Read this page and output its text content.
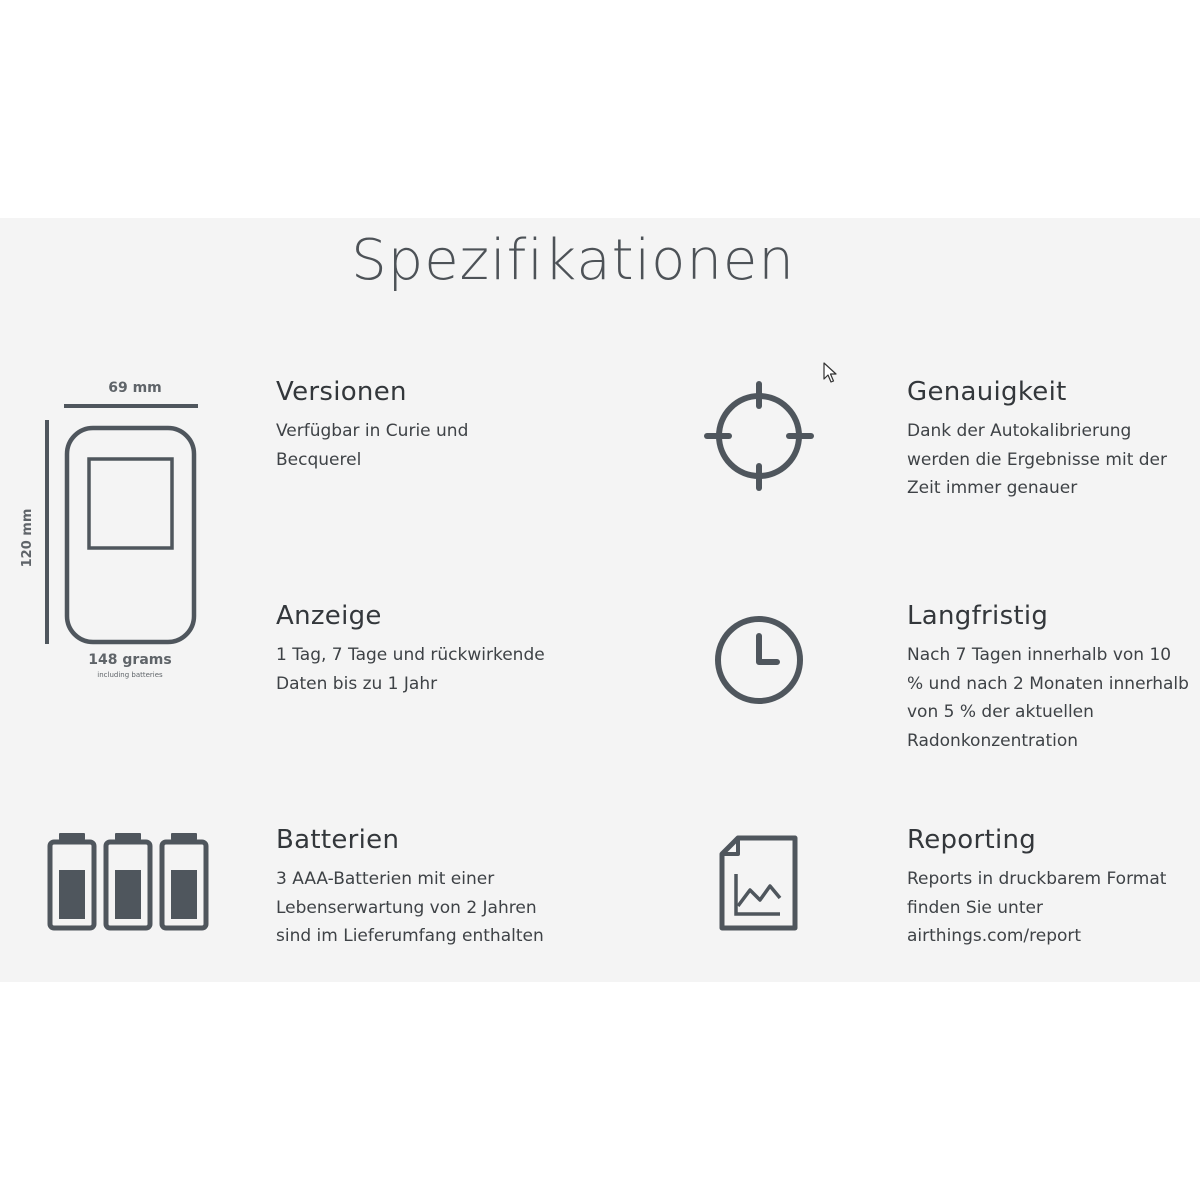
Spezifikationen
69 mm
120 mm
148 grams
including batteries
Versionen

Verfügbar in Curie und Becquerel

Anzeige

1 Tag, 7 Tage und rückwirkende Daten bis zu 1 Jahr

Batterien

3 AAA-Batterien mit einer Lebenserwartung von 2 Jahren sind im Lieferumfang enthalten

Genauigkeit

Dank der Autokalibrierung werden die Ergebnisse mit der Zeit immer genauer

Langfristig

Nach 7 Tagen innerhalb von 10 % und nach 2 Monaten innerhalb von 5 % der aktuellen Radonkonzentration

Reporting

Reports in druckbarem Format finden Sie unter airthings.com/report
